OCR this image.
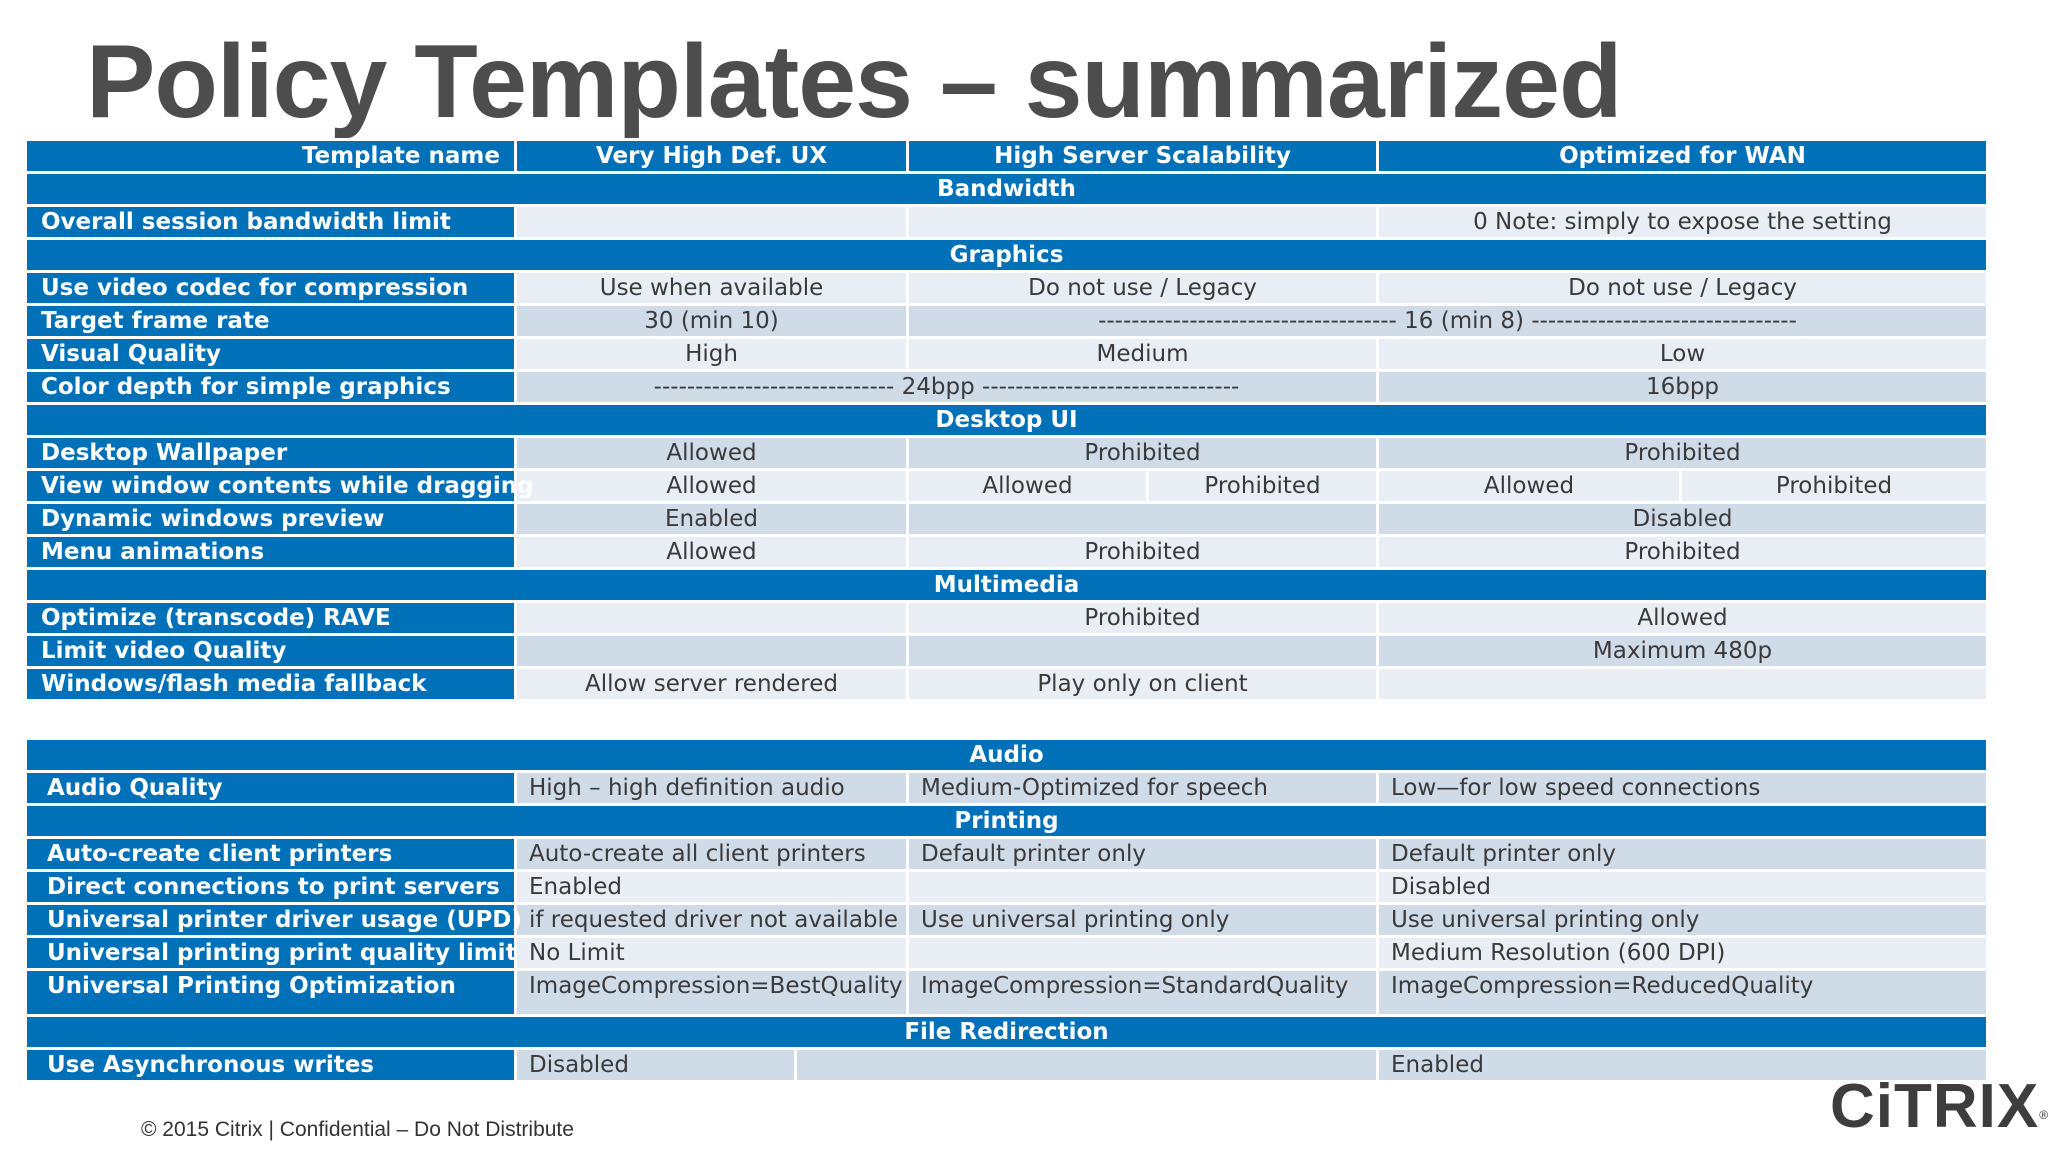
Policy Templates – summarized
Template name	Very High Def. UX	High Server Scalability		Optimized for WAN	
Bandwidth					
Overall session bandwidth limit				0 Note: simply to expose the setting	
Graphics					
Use video codec for compression	Use when available	Do not use / Legacy		Do not use / Legacy	
Target frame rate	30 (min 10)	------------------------------------ 16 (min 8) --------------------------------			
Visual Quality	High	Medium		Low	
Color depth for simple graphics	----------------------------- 24bpp -------------------------------			16bpp	
Desktop UI					
Desktop Wallpaper	Allowed	Prohibited		Prohibited	
View window contents while dragging	Allowed	Allowed	Prohibited	Allowed	Prohibited
Dynamic windows preview	Enabled			Disabled	
Menu animations	Allowed	Prohibited		Prohibited	
Multimedia					
Optimize (transcode) RAVE		Prohibited		Allowed	
Limit video Quality				Maximum 480p	
Windows/flash media fallback	Allow server rendered	Play only on client			
Audio				
Audio Quality	High – high definition audio		Medium-Optimized for speech	Low—for low speed connections
Printing				
Auto-create client printers	Auto-create all client printers		Default printer only	Default printer only
Direct connections to print servers	Enabled			Disabled
Universal printer driver usage (UPD)	if requested driver not available		Use universal printing only	Use universal printing only
Universal printing print quality limit	No Limit			Medium Resolution (600 DPI)
Universal Printing Optimization	ImageCompression=BestQuality		ImageCompression=StandardQuality	ImageCompression=ReducedQuality
File Redirection				
Use Asynchronous writes	Disabled			Enabled
© 2015 Citrix | Confidential – Do Not Distribute	CiTRIX®
